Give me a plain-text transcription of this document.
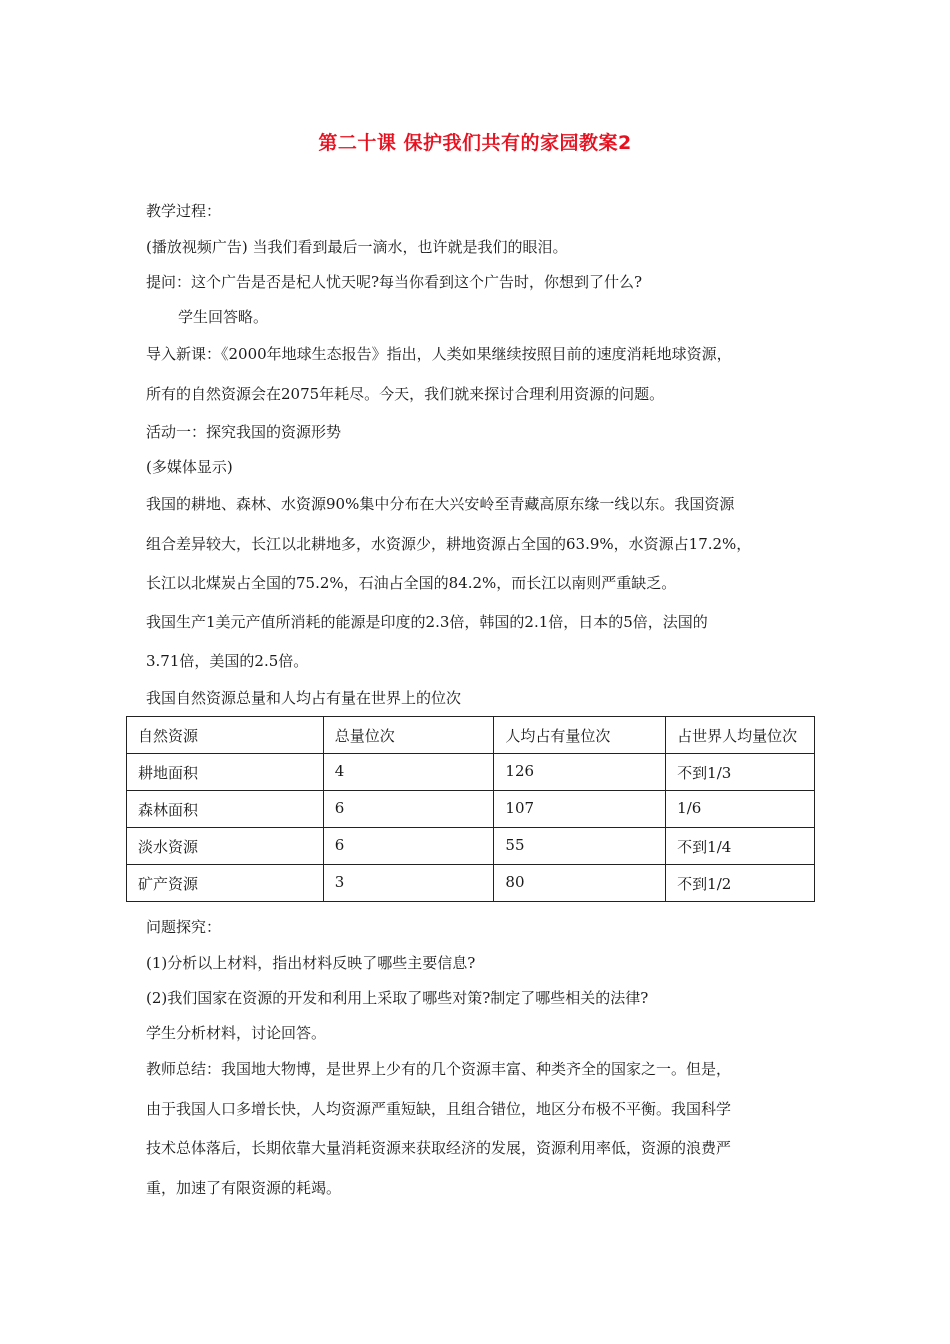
第二十课 保护我们共有的家园教案2
教学过程：
(播放视频广告) 当我们看到最后一滴水，也许就是我们的眼泪。
提问：这个广告是否是杞人忧天呢?每当你看到这个广告时，你想到了什么?
学生回答略。
导入新课：《2000年地球生态报告》指出，人类如果继续按照目前的速度消耗地球资源，
所有的自然资源会在2075年耗尽。今天，我们就来探讨合理利用资源的问题。
活动一：探究我国的资源形势
(多媒体显示)
我国的耕地、森林、水资源90%集中分布在大兴安岭至青藏高原东缘一线以东。我国资源
组合差异较大，长江以北耕地多，水资源少，耕地资源占全国的63.9%，水资源占17.2%，
长江以北煤炭占全国的75.2%，石油占全国的84.2%，而长江以南则严重缺乏。
我国生产1美元产值所消耗的能源是印度的2.3倍，韩国的2.1倍，日本的5倍，法国的
3.71倍，美国的2.5倍。
我国自然资源总量和人均占有量在世界上的位次
自然资源	总量位次	人均占有量位次	占世界人均量位次
耕地面积	4	126	不到1/3
森林面积	6	107	1/6
淡水资源	6	55	不到1/4
矿产资源	3	80	不到1/2
问题探究：
(1)分析以上材料，指出材料反映了哪些主要信息?
(2)我们国家在资源的开发和利用上采取了哪些对策?制定了哪些相关的法律?
学生分析材料，讨论回答。
教师总结：我国地大物博，是世界上少有的几个资源丰富、种类齐全的国家之一。但是，
由于我国人口多增长快，人均资源严重短缺，且组合错位，地区分布极不平衡。我国科学
技术总体落后，长期依靠大量消耗资源来获取经济的发展，资源利用率低，资源的浪费严
重，加速了有限资源的耗竭。
